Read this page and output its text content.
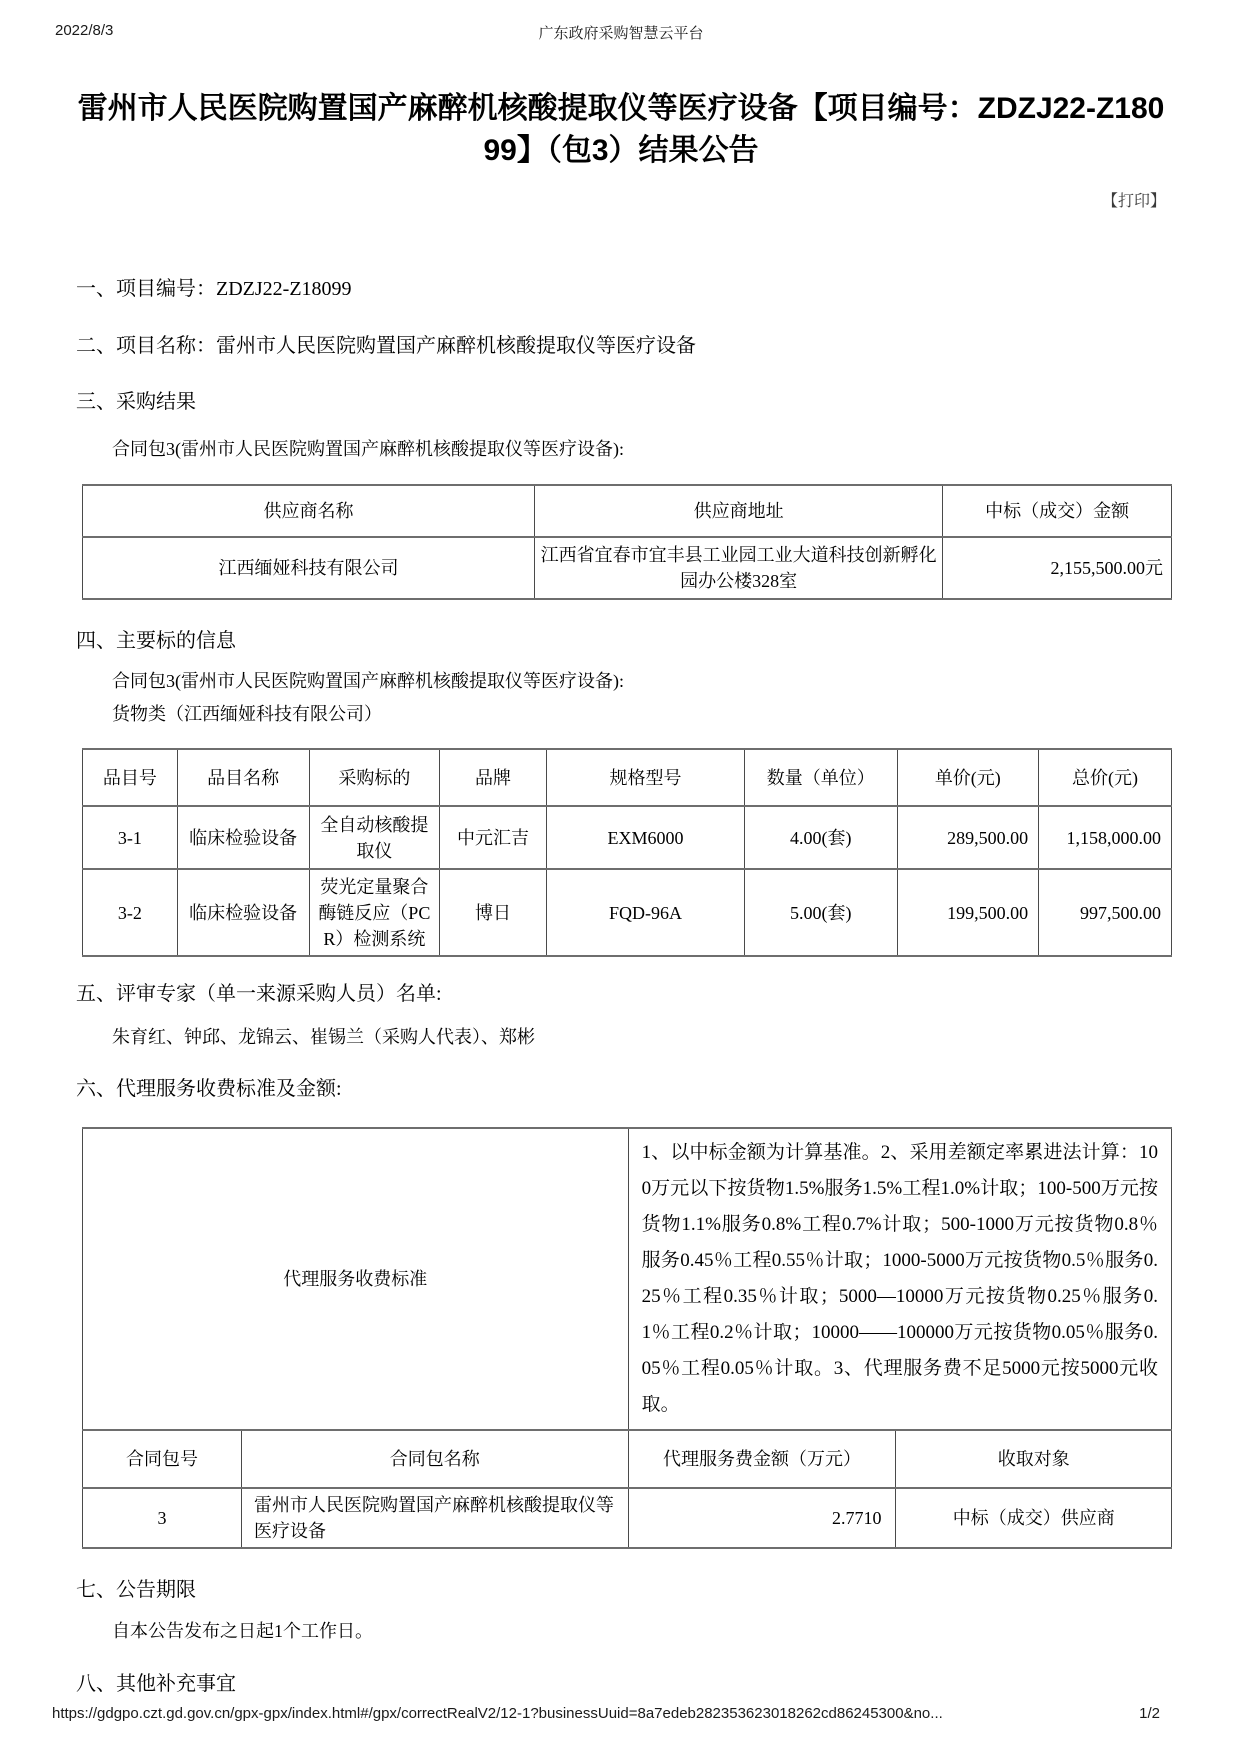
2022/8/3	广东政府采购智慧云平台
雷州市人民医院购置国产麻醉机核酸提取仪等医疗设备【项目编号：ZDZJ22-Z18099】（包3）结果公告
【打印】
一、项目编号：ZDZJ22-Z18099
二、项目名称：雷州市人民医院购置国产麻醉机核酸提取仪等医疗设备
三、采购结果

合同包3(雷州市人民医院购置国产麻醉机核酸提取仪等医疗设备):

供应商名称	供应商地址	中标（成交）金额
江西缅娅科技有限公司	江西省宜春市宜丰县工业园工业大道科技创新孵化园办公楼328室	2,155,500.00元
四、主要标的信息

合同包3(雷州市人民医院购置国产麻醉机核酸提取仪等医疗设备):

货物类（江西缅娅科技有限公司）

品目号	品目名称	采购标的	品牌	规格型号	数量（单位）	单价(元)	总价(元)
3-1	临床检验设备	全自动核酸提取仪	中元汇吉	EXM6000	4.00(套)	289,500.00	1,158,000.00
3-2	临床检验设备	荧光定量聚合酶链反应（PCR）检测系统	博日	FQD-96A	5.00(套)	199,500.00	997,500.00
五、评审专家（单一来源采购人员）名单:

朱育红、钟邱、龙锦云、崔锡兰（采购人代表）、郑彬

六、代理服务收费标准及金额:
代理服务收费标准		1、以中标金额为计算基准。2、采用差额定率累进法计算：100万元以下按货物1.5%服务1.5%工程1.0%计取；100-500万元按货物1.1%服务0.8%工程0.7%计取；500-1000万元按货物0.8％服务0.45％工程0.55％计取；1000-5000万元按货物0.5％服务0.25％工程0.35％计取；5000—10000万元按货物0.25％服务0.1％工程0.2％计取；10000——100000万元按货物0.05％服务0.05％工程0.05％计取。3、代理服务费不足5000元按5000元收取。	
合同包号	合同包名称	代理服务费金额（万元）	收取对象
3	雷州市人民医院购置国产麻醉机核酸提取仪等医疗设备	2.7710	中标（成交）供应商
七、公告期限

自本公告发布之日起1个工作日。

八、其他补充事宜
https://gdgpo.czt.gd.gov.cn/gpx-gpx/index.html#/gpx/correctRealV2/12-1?businessUuid=8a7edeb282353623018262cd86245300&no...	1/2
